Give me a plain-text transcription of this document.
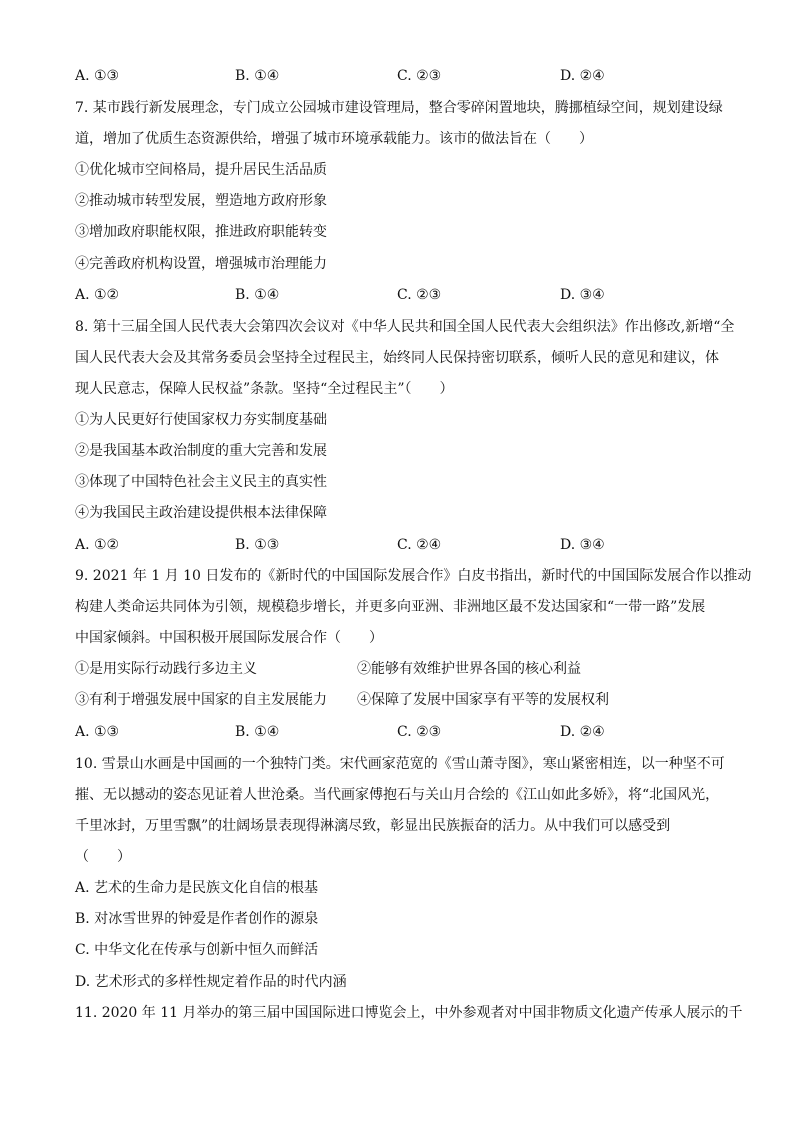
A. ①③	B. ①④	C. ②③	D. ②④
7. 某市践行新发展理念，专门成立公园城市建设管理局，整合零碎闲置地块，腾挪植绿空间，规划建设绿
道，增加了优质生态资源供给，增强了城市环境承载能力。该市的做法旨在（　　）
①优化城市空间格局，提升居民生活品质
②推动城市转型发展，塑造地方政府形象
③增加政府职能权限，推进政府职能转变
④完善政府机构设置，增强城市治理能力
A. ①②	B. ①④	C. ②③	D. ③④
8. 第十三届全国人民代表大会第四次会议对《中华人民共和国全国人民代表大会组织法》作出修改,新增“全
国人民代表大会及其常务委员会坚持全过程民主，始终同人民保持密切联系，倾听人民的意见和建议，体
现人民意志，保障人民权益”条款。坚持“全过程民主”（　　）
①为人民更好行使国家权力夯实制度基础
②是我国基本政治制度的重大完善和发展
③体现了中国特色社会主义民主的真实性
④为我国民主政治建设提供根本法律保障
A. ①②	B. ①③	C. ②④	D. ③④
9. 2021 年 1 月 10 日发布的《新时代的中国国际发展合作》白皮书指出，新时代的中国国际发展合作以推动
构建人类命运共同体为引领，规模稳步增长，并更多向亚洲、非洲地区最不发达国家和“一带一路”发展
中国家倾斜。中国积极开展国际发展合作（　　）
①是用实际行动践行多边主义	②能够有效维护世界各国的核心利益
③有利于增强发展中国家的自主发展能力 ④保障了发展中国家享有平等的发展权利
A. ①③	B. ①④	C. ②③	D. ②④
10. 雪景山水画是中国画的一个独特门类。宋代画家范宽的《雪山萧寺图》，寒山紧密相连，以一种坚不可
摧、无以撼动的姿态见证着人世沧桑。当代画家傅抱石与关山月合绘的《江山如此多娇》，将“北国风光，
千里冰封，万里雪飘”的壮阔场景表现得淋漓尽致，彰显出民族振奋的活力。从中我们可以感受到
（　　）
A. 艺术的生命力是民族文化自信的根基
B. 对冰雪世界的钟爱是作者创作的源泉
C. 中华文化在传承与创新中恒久而鲜活
D. 艺术形式的多样性规定着作品的时代内涵
11. 2020 年 11 月举办的第三届中国国际进口博览会上，中外参观者对中国非物质文化遗产传承人展示的千
